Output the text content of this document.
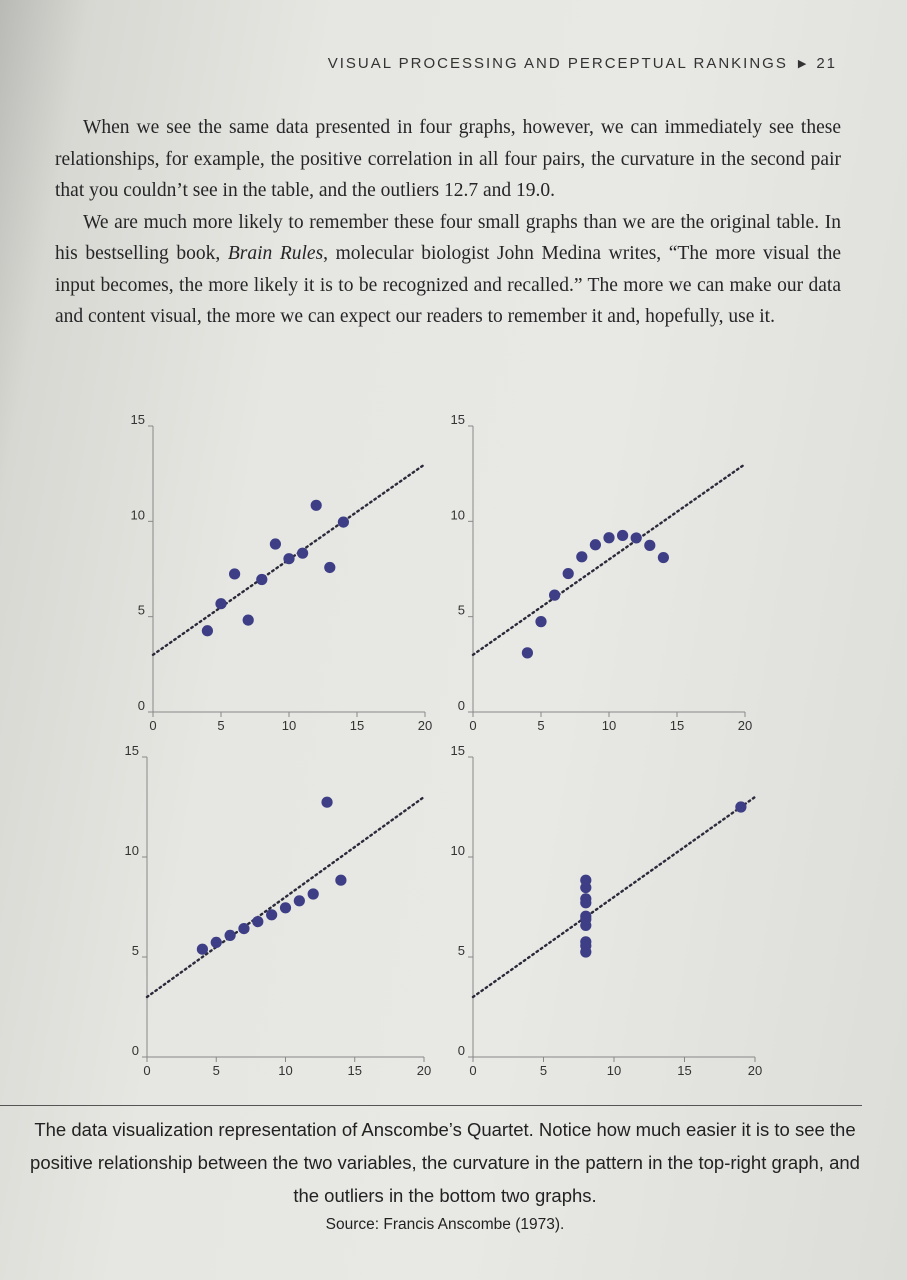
VISUAL PROCESSING AND PERCEPTUAL RANKINGS ▶ 21

When we see the same data presented in four graphs, however, we can immediately see these relationships, for example, the positive correlation in all four pairs, the curvature in the second pair that you couldn’t see in the table, and the outliers 12.7 and 19.0.

We are much more likely to remember these four small graphs than we are the original table. In his bestselling book, Brain Rules, molecular biologist John Medina writes, “The more visual the input becomes, the more likely it is to be recognized and recalled.” The more we can make our data and content visual, the more we can expect our readers to remember it and, hopefully, use it.

0
5
10
15
0	5	10	15	20
0
5
10
15
0	5	10	15	20
0
5
10
15
0	5	10	15	20
0
5
10
15
0	5	10	15	20
The data visualization representation of Anscombe’s Quartet. Notice how much easier it is to see the positive relationship between the two variables, the curvature in the pattern in the top-right graph, and the outliers in the bottom two graphs.
Source: Francis Anscombe (1973).
